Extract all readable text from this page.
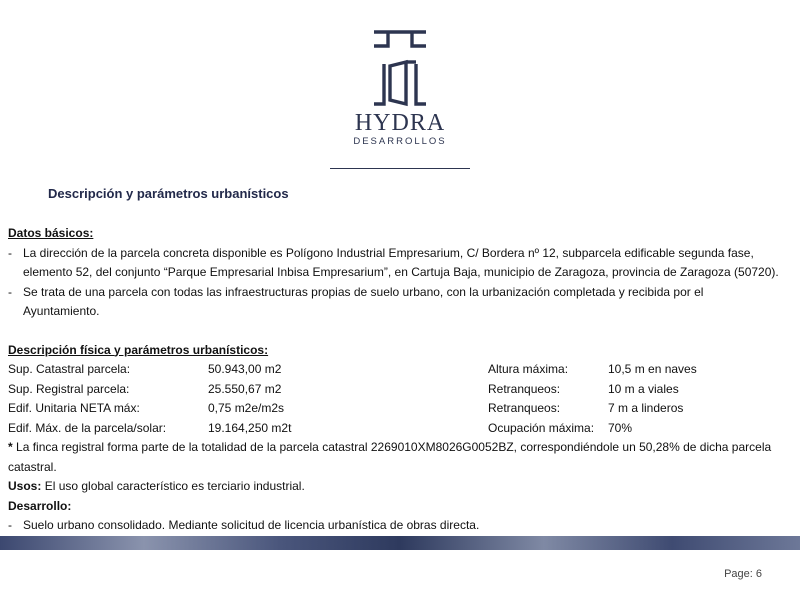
HYDRA
DESARROLLOS
Descripción y parámetros urbanísticos
Datos básicos:
- La dirección de la parcela concreta disponible es Polígono Industrial Empresarium, C/ Bordera nº 12, subparcela edificable segunda fase,
elemento 52, del conjunto “Parque Empresarial Inbisa Empresarium”, en Cartuja Baja, municipio de Zaragoza, provincia de Zaragoza (50720).
- Se trata de una parcela con todas las infraestructuras propias de suelo urbano, con la urbanización completada y recibida por el
Ayuntamiento.
Descripción física y parámetros urbanísticos:
Sup. Catastral parcela:	50.943,00 m2	Altura máxima:	10,5 m en naves
Sup. Registral parcela:	25.550,67 m2	Retranqueos:	10 m a viales
Edif. Unitaria NETA máx:	0,75 m2e/m2s	Retranqueos:	7 m a linderos
Edif. Máx. de la parcela/solar:	19.164,250 m2t	Ocupación máxima: 70%
* La finca registral forma parte de la totalidad de la parcela catastral 2269010XM8026G0052BZ, correspondiéndole un 50,28% de dicha parcela
catastral.
Usos: El uso global característico es terciario industrial.
Desarrollo:
- Suelo urbano consolidado. Mediante solicitud de licencia urbanística de obras directa.
Page: 6
